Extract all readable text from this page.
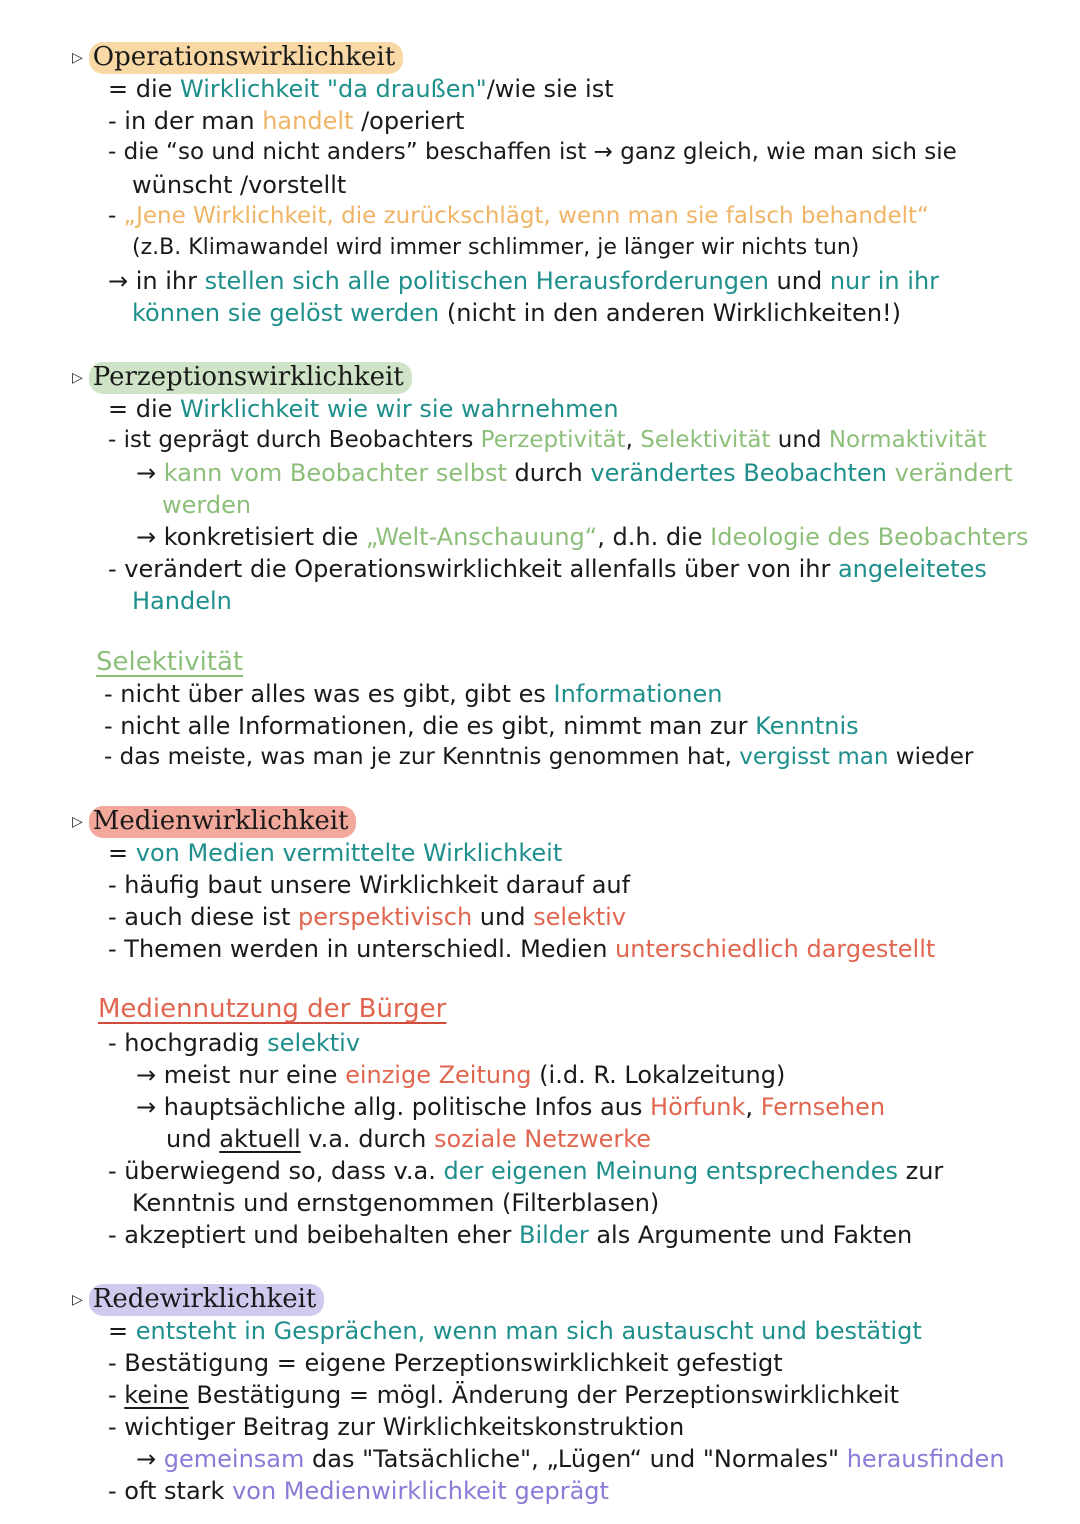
▷ Operationswirklichkeit
= die Wirklichkeit "da draußen"/wie sie ist
- in der man handelt /operiert
- die “so und nicht anders” beschaffen ist → ganz gleich, wie man sich sie
wünscht /vorstellt
- „Jene Wirklichkeit, die zurückschlägt, wenn man sie falsch behandelt“
(z.B. Klimawandel wird immer schlimmer, je länger wir nichts tun)
→ in ihr stellen sich alle politischen Herausforderungen und nur in ihr
können sie gelöst werden (nicht in den anderen Wirklichkeiten!)
▷ Perzeptionswirklichkeit
= die Wirklichkeit wie wir sie wahrnehmen
- ist geprägt durch Beobachters Perzeptivität, Selektivität und Normaktivität
→ kann vom Beobachter selbst durch verändertes Beobachten verändert
werden
→ konkretisiert die „Welt-Anschauung“, d.h. die Ideologie des Beobachters
- verändert die Operationswirklichkeit allenfalls über von ihr angeleitetes
Handeln
Selektivität
- nicht über alles was es gibt, gibt es Informationen
- nicht alle Informationen, die es gibt, nimmt man zur Kenntnis
- das meiste, was man je zur Kenntnis genommen hat, vergisst man wieder
▷ Medienwirklichkeit
= von Medien vermittelte Wirklichkeit
- häufig baut unsere Wirklichkeit darauf auf
- auch diese ist perspektivisch und selektiv
- Themen werden in unterschiedl. Medien unterschiedlich dargestellt
Mediennutzung der Bürger
- hochgradig selektiv
→ meist nur eine einzige Zeitung (i.d. R. Lokalzeitung)
→ hauptsächliche allg. politische Infos aus Hörfunk, Fernsehen
und aktuell v.a. durch soziale Netzwerke
- überwiegend so, dass v.a. der eigenen Meinung entsprechendes zur
Kenntnis und ernstgenommen (Filterblasen)
- akzeptiert und beibehalten eher Bilder als Argumente und Fakten
▷ Redewirklichkeit
= entsteht in Gesprächen, wenn man sich austauscht und bestätigt
- Bestätigung = eigene Perzeptionswirklichkeit gefestigt
- keine Bestätigung = mögl. Änderung der Perzeptionswirklichkeit
- wichtiger Beitrag zur Wirklichkeitskonstruktion
→ gemeinsam das "Tatsächliche", „Lügen“ und "Normales" herausfinden
- oft stark von Medienwirklichkeit geprägt
